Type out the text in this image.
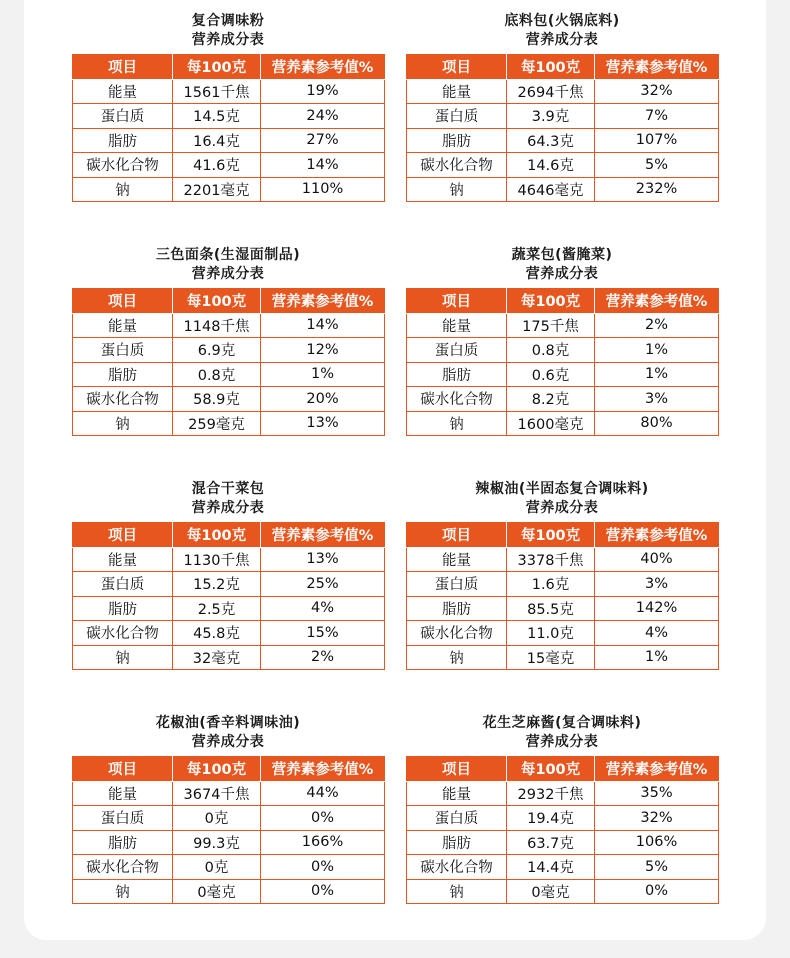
复合调味粉
营养成分表
项目	每100克	营养素参考值%
能量	1561千焦	19%
蛋白质	14.5克	24%
脂肪	16.4克	27%
碳水化合物	41.6克	14%
钠	2201毫克	110%
底料包(火锅底料)
营养成分表
项目	每100克	营养素参考值%
能量	2694千焦	32%
蛋白质	3.9克	7%
脂肪	64.3克	107%
碳水化合物	14.6克	5%
钠	4646毫克	232%
三色面条(生湿面制品)
营养成分表
项目	每100克	营养素参考值%
能量	1148千焦	14%
蛋白质	6.9克	12%
脂肪	0.8克	1%
碳水化合物	58.9克	20%
钠	259毫克	13%
蔬菜包(酱腌菜)
营养成分表
项目	每100克	营养素参考值%
能量	175千焦	2%
蛋白质	0.8克	1%
脂肪	0.6克	1%
碳水化合物	8.2克	3%
钠	1600毫克	80%
混合干菜包
营养成分表
项目	每100克	营养素参考值%
能量	1130千焦	13%
蛋白质	15.2克	25%
脂肪	2.5克	4%
碳水化合物	45.8克	15%
钠	32毫克	2%
辣椒油(半固态复合调味料)
营养成分表
项目	每100克	营养素参考值%
能量	3378千焦	40%
蛋白质	1.6克	3%
脂肪	85.5克	142%
碳水化合物	11.0克	4%
钠	15毫克	1%
花椒油(香辛料调味油)
营养成分表
项目	每100克	营养素参考值%
能量	3674千焦	44%
蛋白质	0克	0%
脂肪	99.3克	166%
碳水化合物	0克	0%
钠	0毫克	0%
花生芝麻酱(复合调味料)
营养成分表
项目	每100克	营养素参考值%
能量	2932千焦	35%
蛋白质	19.4克	32%
脂肪	63.7克	106%
碳水化合物	14.4克	5%
钠	0毫克	0%
